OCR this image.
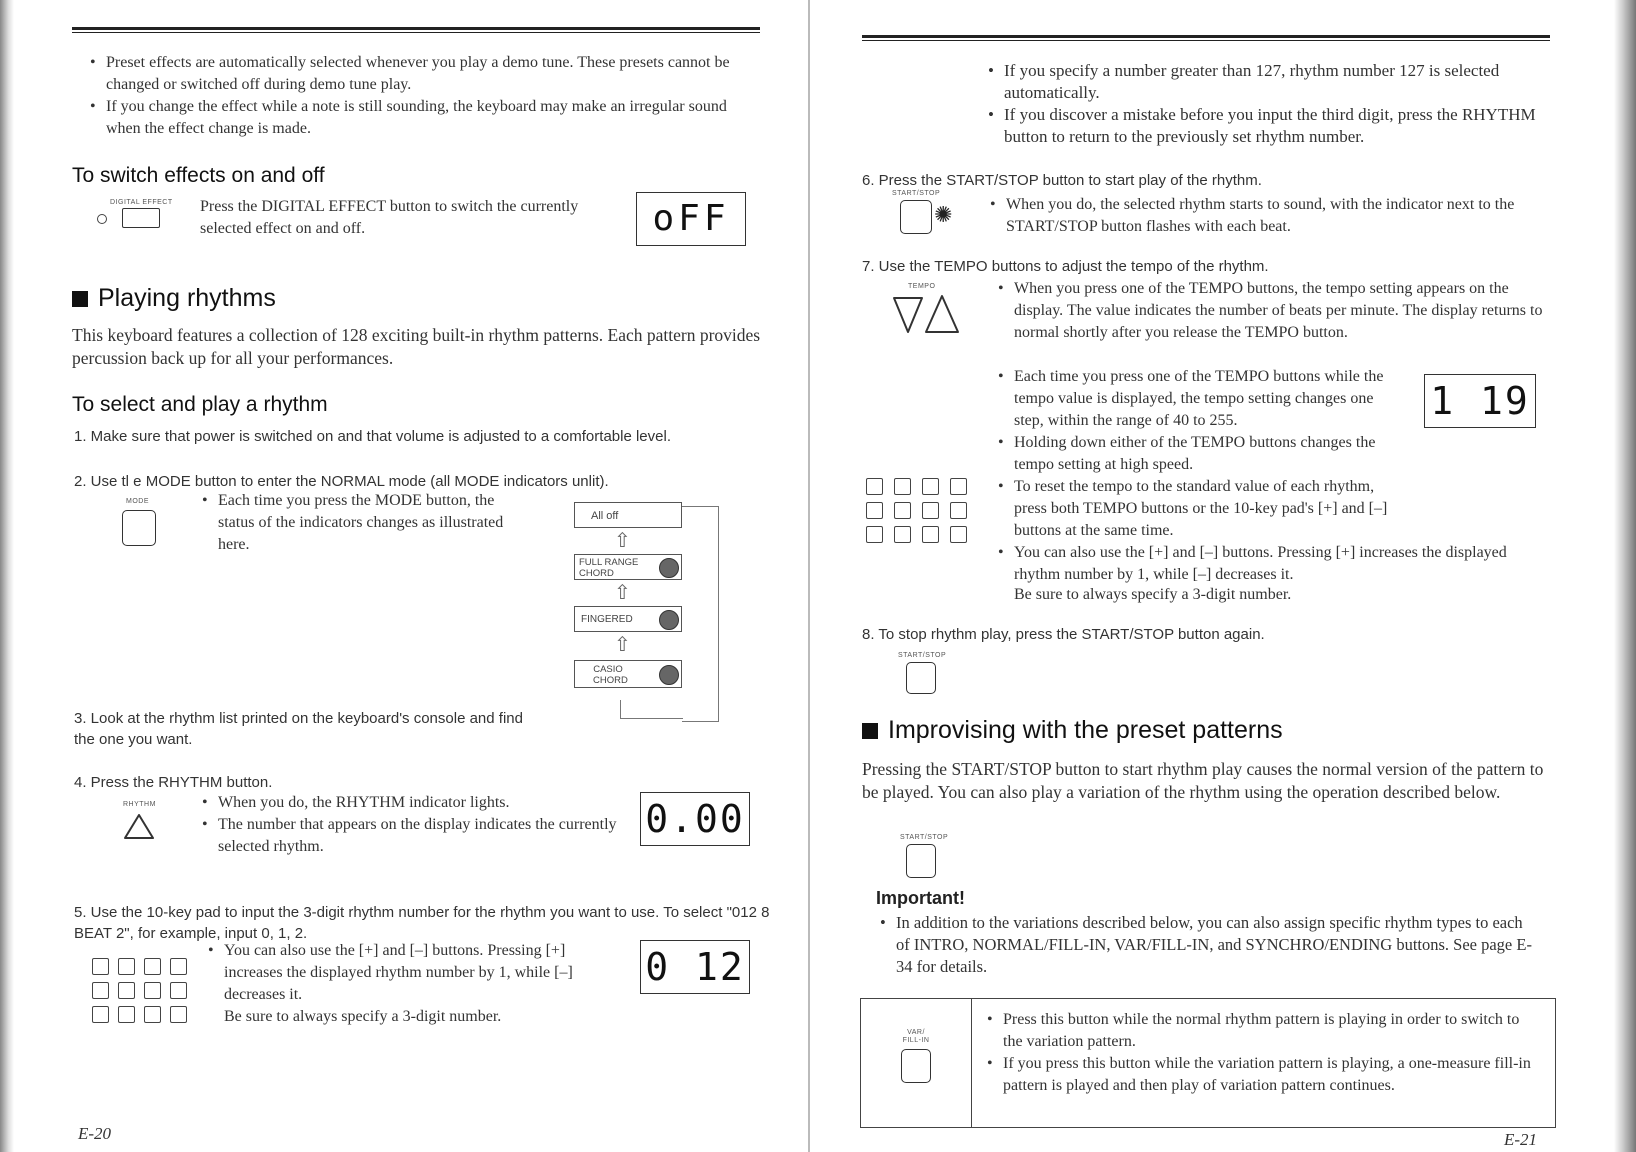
• Preset effects are automatically selected whenever you play a demo tune. These presets cannot be changed or switched off during demo tune play.
• If you change the effect while a note is still sounding, the keyboard may make an irregular sound when the effect change is made.
To switch effects on and off
DIGITAL EFFECT Press the DIGITAL EFFECT button to switch the currently selected effect on and off.	oFF
Playing rhythms
This keyboard features a collection of 128 exciting built-in rhythm patterns. Each pattern provides percussion back up for all your performances.
To select and play a rhythm
1. Make sure that power is switched on and that volume is adjusted to a comfortable level.
2. Use tl e MODE button to enter the NORMAL mode (all MODE indicators unlit).
MODE	• Each time you press the MODE button, the status of the indicators changes as illustrated here.
All off
⇧
FULL RANGE CHORD
⇧
FINGERED
⇧
CASIO CHORD
3. Look at the rhythm list printed on the keyboard's console and find the one you want.
4. Press the RHYTHM button.
RHYTHM	• When you do, the RHYTHM indicator lights.
• The number that appears on the display indicates the currently selected rhythm.
0.00
5. Use the 10-key pad to input the 3-digit rhythm number for the rhythm you want to use. To select "012 8 BEAT 2", for example, input 0, 1, 2.
• You can also use the [+] and [–] buttons. Pressing [+] increases the displayed rhythm number by 1, while [–] decreases it.
Be sure to always specify a 3-digit number.
0 12
E-20
• If you specify a number greater than 127, rhythm number 127 is selected automatically.
• If you discover a mistake before you input the third digit, press the RHYTHM button to return to the previously set rhythm number.
6. Press the START/STOP button to start play of the rhythm.
START/STOP
✺	• When you do, the selected rhythm starts to sound, with the indicator next to the START/STOP button flashes with each beat.
7. Use the TEMPO buttons to adjust the tempo of the rhythm.
TEMPO	• When you press one of the TEMPO buttons, the tempo setting appears on the display. The value indicates the number of beats per minute. The display returns to normal shortly after you release the TEMPO button.
• Each time you press one of the TEMPO buttons while the tempo value is displayed, the tempo setting changes one step, within the range of 40 to 255.
• Holding down either of the TEMPO buttons changes the tempo setting at high speed.
• To reset the tempo to the standard value of each rhythm, press both TEMPO buttons or the 10-key pad's [+] and [–] buttons at the same time.
• You can also use the [+] and [–] buttons. Pressing [+] increases the displayed rhythm number by 1, while [–] decreases it.
Be sure to always specify a 3-digit number.
1 19
8. To stop rhythm play, press the START/STOP button again.
START/STOP
Improvising with the preset patterns
Pressing the START/STOP button to start rhythm play causes the normal version of the pattern to be played. You can also play a variation of the rhythm using the operation described below.
START/STOP
Important!
• In addition to the variations described below, you can also assign specific rhythm types to each of INTRO, NORMAL/FILL-IN, VAR/FILL-IN, and SYNCHRO/ENDING buttons. See page E-34 for details.
VAR/ FILL-IN
• Press this button while the normal rhythm pattern is playing in order to switch to the variation pattern.
• If you press this button while the variation pattern is playing, a one-measure fill-in pattern is played and then play of variation pattern continues.
E-21
